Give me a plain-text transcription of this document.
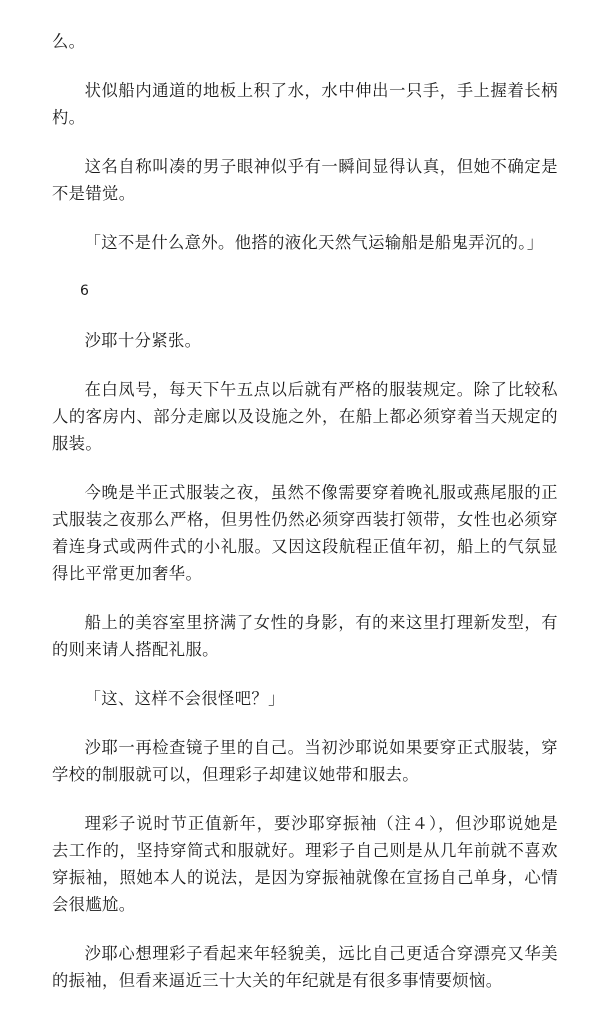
么。

状似船内通道的地板上积了水，水中伸出一只手，手上握着长柄杓。

这名自称叫凑的男子眼神似乎有一瞬间显得认真，但她不确定是不是错觉。

「这不是什么意外。他搭的液化天然气运输船是船鬼弄沉的。」

6

沙耶十分紧张。

在白凤号，每天下午五点以后就有严格的服装规定。除了比较私人的客房内、部分走廊以及设施之外，在船上都必须穿着当天规定的服装。

今晚是半正式服装之夜，虽然不像需要穿着晚礼服或燕尾服的正式服装之夜那么严格，但男性仍然必须穿西装打领带，女性也必须穿着连身式或两件式的小礼服。又因这段航程正值年初，船上的气氛显得比平常更加奢华。

船上的美容室里挤满了女性的身影，有的来这里打理新发型，有的则来请人搭配礼服。

「这、这样不会很怪吧？」

沙耶一再检查镜子里的自己。当初沙耶说如果要穿正式服装，穿学校的制服就可以，但理彩子却建议她带和服去。

理彩子说时节正值新年，要沙耶穿振袖（注４），但沙耶说她是去工作的，坚持穿简式和服就好。理彩子自己则是从几年前就不喜欢穿振袖，照她本人的说法，是因为穿振袖就像在宣扬自己单身，心情会很尴尬。

沙耶心想理彩子看起来年轻貌美，远比自己更适合穿漂亮又华美的振袖，但看来逼近三十大关的年纪就是有很多事情要烦恼。
